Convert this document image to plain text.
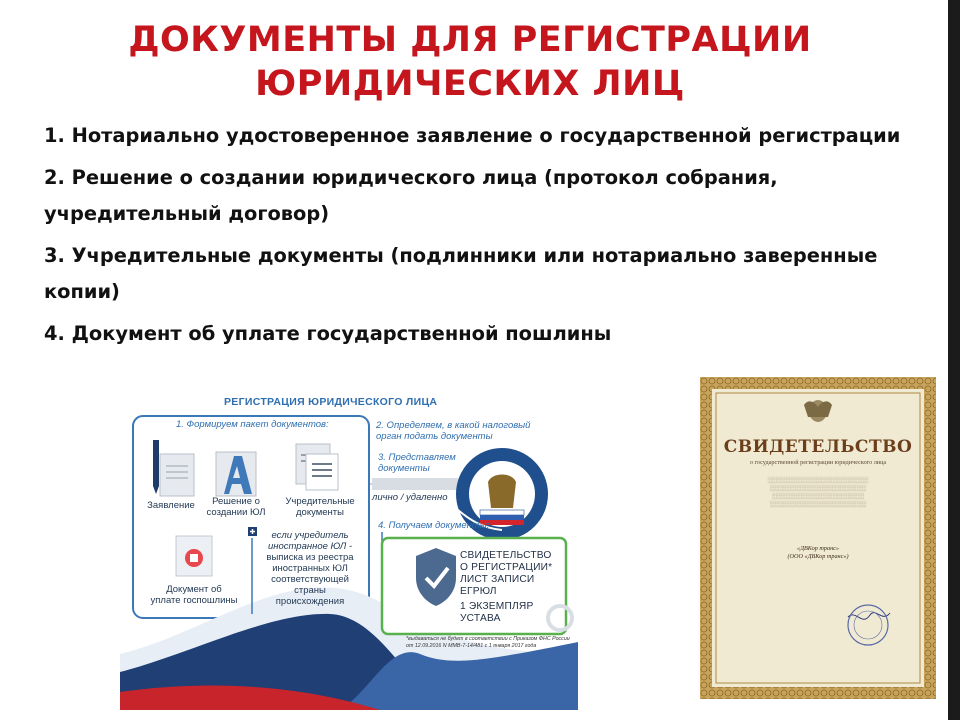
ДОКУМЕНТЫ ДЛЯ РЕГИСТРАЦИИ
ЮРИДИЧЕСКИХ ЛИЦ
1. Нотариально удостоверенное заявление о государственной регистрации
2. Решение о создании юридического лица (протокол собрания, учредительный договор)
3. Учредительные документы (подлинники или нотариально заверенные копии)
4. Документ об уплате государственной пошлины
РЕГИСТРАЦИЯ ЮРИДИЧЕСКОГО ЛИЦА
1. Формируем пакет документов:
Заявление	Решение о
создании ЮЛ
Учредительные
документы
Документ об
уплате госпошлины
если учредитель
иностранное ЮЛ -
выписка из реестра
иностранных ЮЛ
соответствующей
страны
происхождения
2. Определяем, в какой налоговый
орган подать документы
3. Представляем
документы
лично / удаленно
4. Получаем документы:
СВИДЕТЕЛЬСТВО
О РЕГИСТРАЦИИ*
ЛИСТ ЗАПИСИ
ЕГРЮЛ
1 ЭКЗЕМПЛЯР
УСТАВА
*выдаваться не будет в соответствии с Приказом ФНС России
от 12.09.2016 N ММВ-7-14/481 с 1 января 2017 года
СВИДЕТЕЛЬСТВО
о государственной регистрации юридического лица
░░░░░░░░░░░░░░░░░░░░░░░
░░░░░░░░░░░░░░░░░░░░░░
░░░░░░░░░░░░░░░░░░░░░
░░░░░░░░░░░░░░░░░░░░░░
«ДВКор транс»
(ООО «ДВКор транс»)
